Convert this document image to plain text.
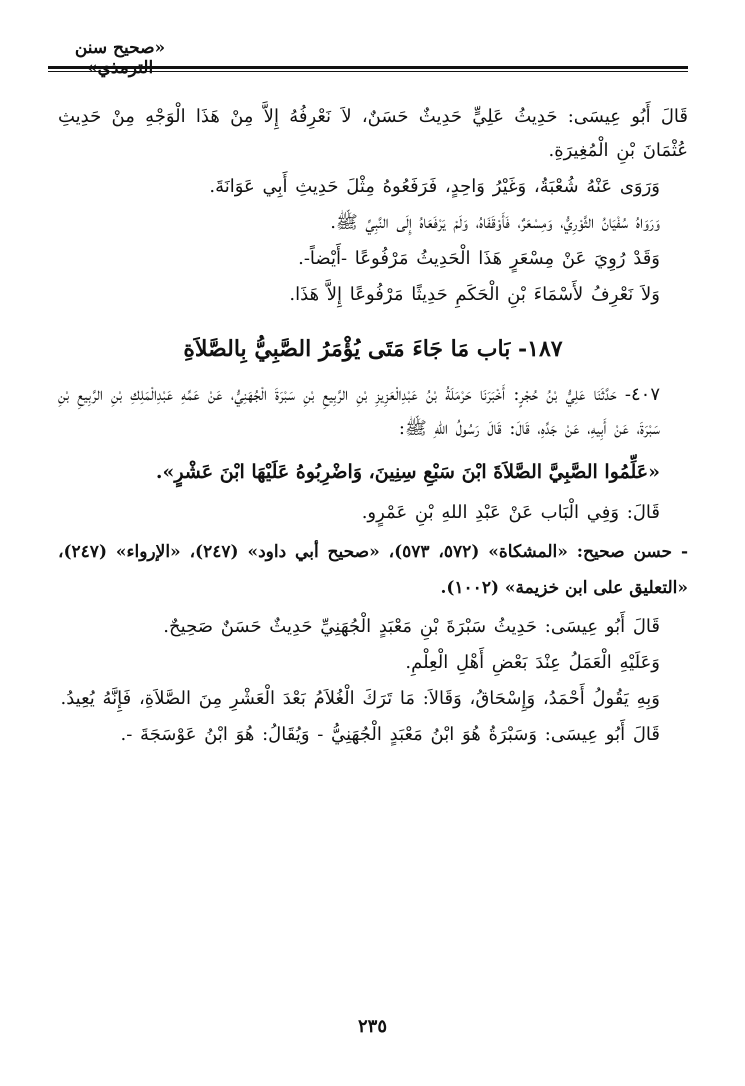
«صحيح سنن

قَالَ أَبُو عِيسَى: حَدِيثُ عَلِيٍّ حَدِيثٌ حَسَنٌ، لاَ نَعْرِفُهُ إِلاَّ مِنْ هَذَا الْوَجْهِ مِنْ حَدِيثِ عُثْمَانَ بْنِ الْمُغِيرَةِ.

وَرَوَى عَنْهُ شُعْبَةُ، وَغَيْرُ وَاحِدٍ، فَرَفَعُوهُ مِثْلَ حَدِيثِ أَبِي عَوَانَةَ.

وَرَوَاهُ سُفْيَانُ الثَّوْرِيُّ، وَمِسْعَرٌ، فَأَوْقَفَاهُ، وَلَمْ يَرْفَعَاهُ إِلَى النَّبِيِّ ﷺ.

وَقَدْ رُوِيَ عَنْ مِسْعَرٍ هَذَا الْحَدِيثُ مَرْفُوعًا -أَيْضاً-.

وَلاَ نَعْرِفُ لأَسْمَاءَ بْنِ الْحَكَمِ حَدِيثًا مَرْفُوعًا إِلاَّ هَذَا.

١٨٧- بَاب مَا جَاءَ مَتَى يُؤْمَرُ الصَّبِيُّ بِالصَّلاَةِ

٤٠٧- حَدَّثَنَا عَلِيُّ بْنُ حُجْرٍ: أَخْبَرَنَا حَرْمَلَةُ بْنُ عَبْدِالْعَزِيزِ بْنِ الرَّبِيعِ بْنِ سَبْرَةَ الْجُهَنِيُّ، عَنْ عَمِّهِ عَبْدِالْمَلِكِ بْنِ الرَّبِيعِ بْنِ سَبْرَةَ، عَنْ أَبِيهِ، عَنْ جَدِّهِ، قَالَ: قَالَ رَسُولُ اللهِ ﷺ:

«عَلِّمُوا الصَّبِيَّ الصَّلاَةَ ابْنَ سَبْعِ سِنِينَ، وَاضْرِبُوهُ عَلَيْهَا ابْنَ عَشْرٍ».

قَالَ: وَفِي الْبَاب عَنْ عَبْدِ اللهِ بْنِ عَمْرٍو.

- حسن صحيح: «المشكاة» (٥٧٢، ٥٧٣)، «صحيح أبي داود» (٢٤٧)، «الإرواء» (٢٤٧)، «التعليق على ابن خزيمة» (١٠٠٢).

قَالَ أَبُو عِيسَى: حَدِيثُ سَبْرَةَ بْنِ مَعْبَدٍ الْجُهَنِيِّ حَدِيثٌ حَسَنٌ صَحِيحٌ.

وَعَلَيْهِ الْعَمَلُ عِنْدَ بَعْضِ أَهْلِ الْعِلْمِ.

وَبِهِ يَقُولُ أَحْمَدُ، وَإِسْحَاقُ، وَقَالاَ: مَا تَرَكَ الْغُلاَمُ بَعْدَ الْعَشْرِ مِنَ الصَّلاَةِ، فَإِنَّهُ يُعِيدُ.

قَالَ أَبُو عِيسَى: وَسَبْرَةُ هُوَ ابْنُ مَعْبَدٍ الْجُهَنِيُّ - وَيُقَالُ: هُوَ ابْنُ عَوْسَجَةَ -.

٢٣٥
